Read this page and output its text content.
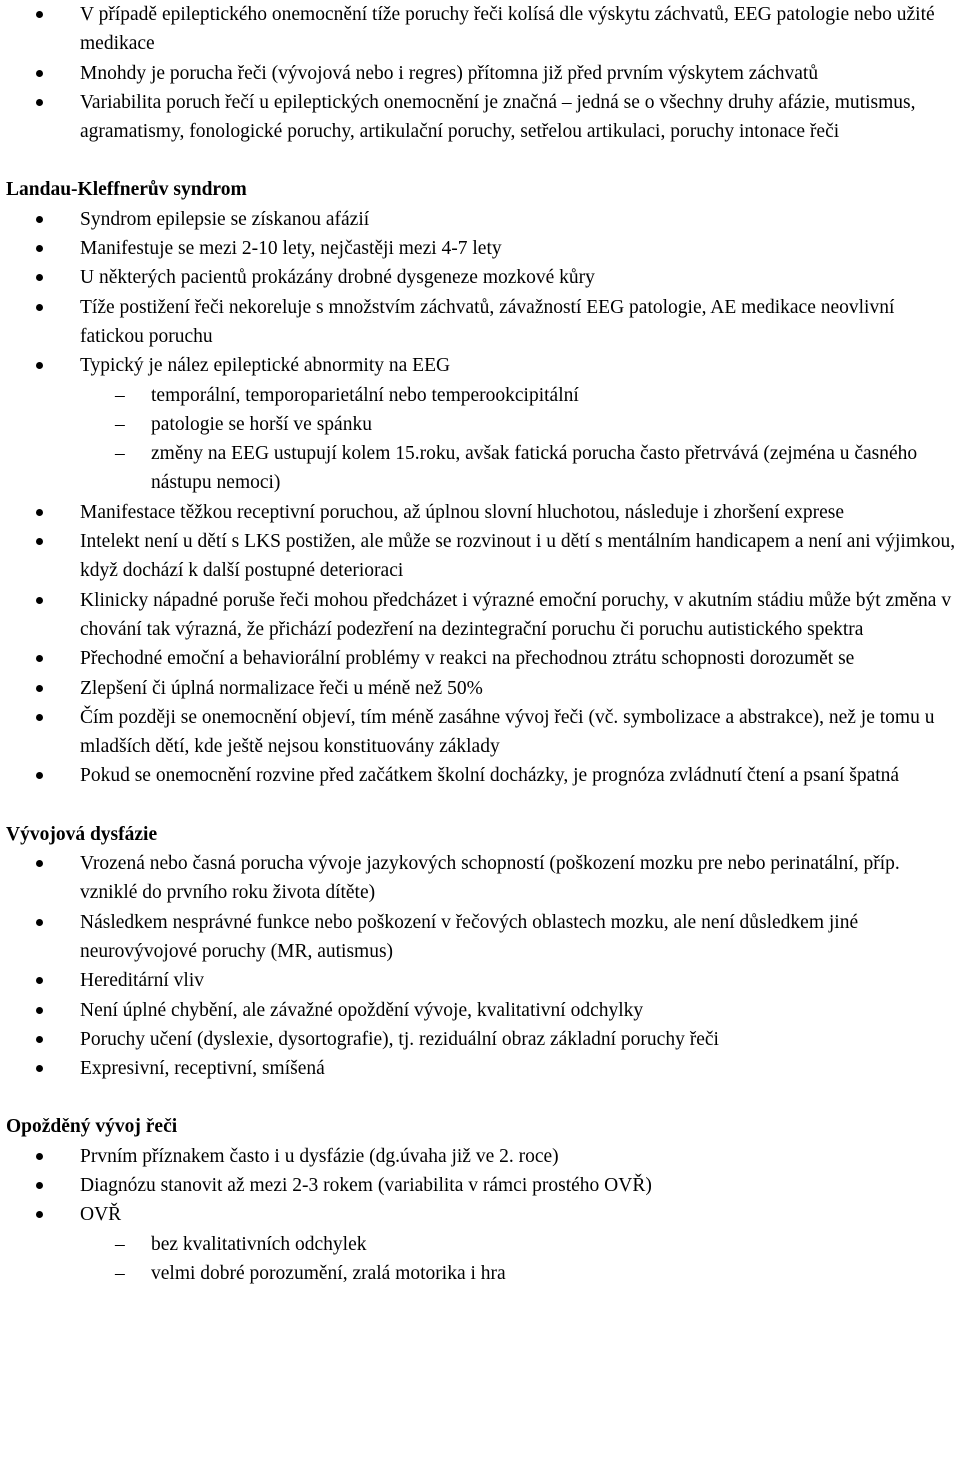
V případě epileptického onemocnění tíže poruchy řeči kolísá dle výskytu záchvatů, EEG patologie nebo užité medikace
Mnohdy je porucha řeči (vývojová nebo i regres) přítomna již před prvním výskytem záchvatů
Variabilita poruch řečí u epileptických onemocnění je značná – jedná se o všechny druhy afázie, mutismus, agramatismy, fonologické poruchy, artikulační poruchy, setřelou artikulaci, poruchy intonace řeči
Landau-Kleffnerův syndrom
Syndrom epilepsie se získanou afázií
Manifestuje se mezi 2-10 lety, nejčastěji mezi 4-7 lety
U některých pacientů prokázány drobné dysgeneze mozkové kůry
Tíže postižení řeči nekoreluje s množstvím záchvatů, závažností EEG patologie, AE medikace neovlivní fatickou poruchu
Typický je nález epileptické abnormity na EEG
– temporální, temporoparietální nebo temperookcipitální
– patologie se horší ve spánku
– změny na EEG ustupují kolem 15.roku, avšak fatická porucha často přetrvává (zejména u časného nástupu nemoci)
Manifestace těžkou receptivní poruchou, až úplnou slovní hluchotou, následuje i zhoršení exprese
Intelekt není u dětí s LKS postižen, ale může se rozvinout i u dětí s mentálním handicapem a není ani výjimkou, když dochází k další postupné deterioraci
Klinicky nápadné poruše řeči mohou předcházet i výrazné emoční poruchy, v akutním stádiu může být změna v chování tak výrazná, že přichází podezření na dezintegrační poruchu či poruchu autistického spektra
Přechodné emoční a behaviorální problémy v reakci na přechodnou ztrátu schopnosti dorozumět se
Zlepšení či úplná normalizace řeči u méně než 50%
Čím později se onemocnění objeví, tím méně zasáhne vývoj řeči (vč. symbolizace a abstrakce), než je tomu u mladších dětí, kde ještě nejsou konstituovány základy
Pokud se onemocnění rozvine před začátkem školní docházky, je prognóza zvládnutí čtení a psaní špatná
Vývojová dysfázie
Vrozená nebo časná porucha vývoje jazykových schopností (poškození mozku pre nebo perinatální, příp. vzniklé do prvního roku života dítěte)
Následkem nesprávné funkce nebo poškození v řečových oblastech mozku, ale není důsledkem jiné neurovývojové poruchy (MR, autismus)
Hereditární vliv
Není úplné chybění, ale závažné opoždění vývoje, kvalitativní odchylky
Poruchy učení (dyslexie, dysortografie), tj. reziduální obraz základní poruchy řeči
Expresivní, receptivní, smíšená
Opožděný vývoj řeči
Prvním příznakem často i u dysfázie (dg.úvaha již ve 2. roce)
Diagnózu stanovit až mezi 2-3 rokem (variabilita v rámci prostého OVŘ)
OVŘ
– bez kvalitativních odchylek
– velmi dobré porozumění, zralá motorika i hra
